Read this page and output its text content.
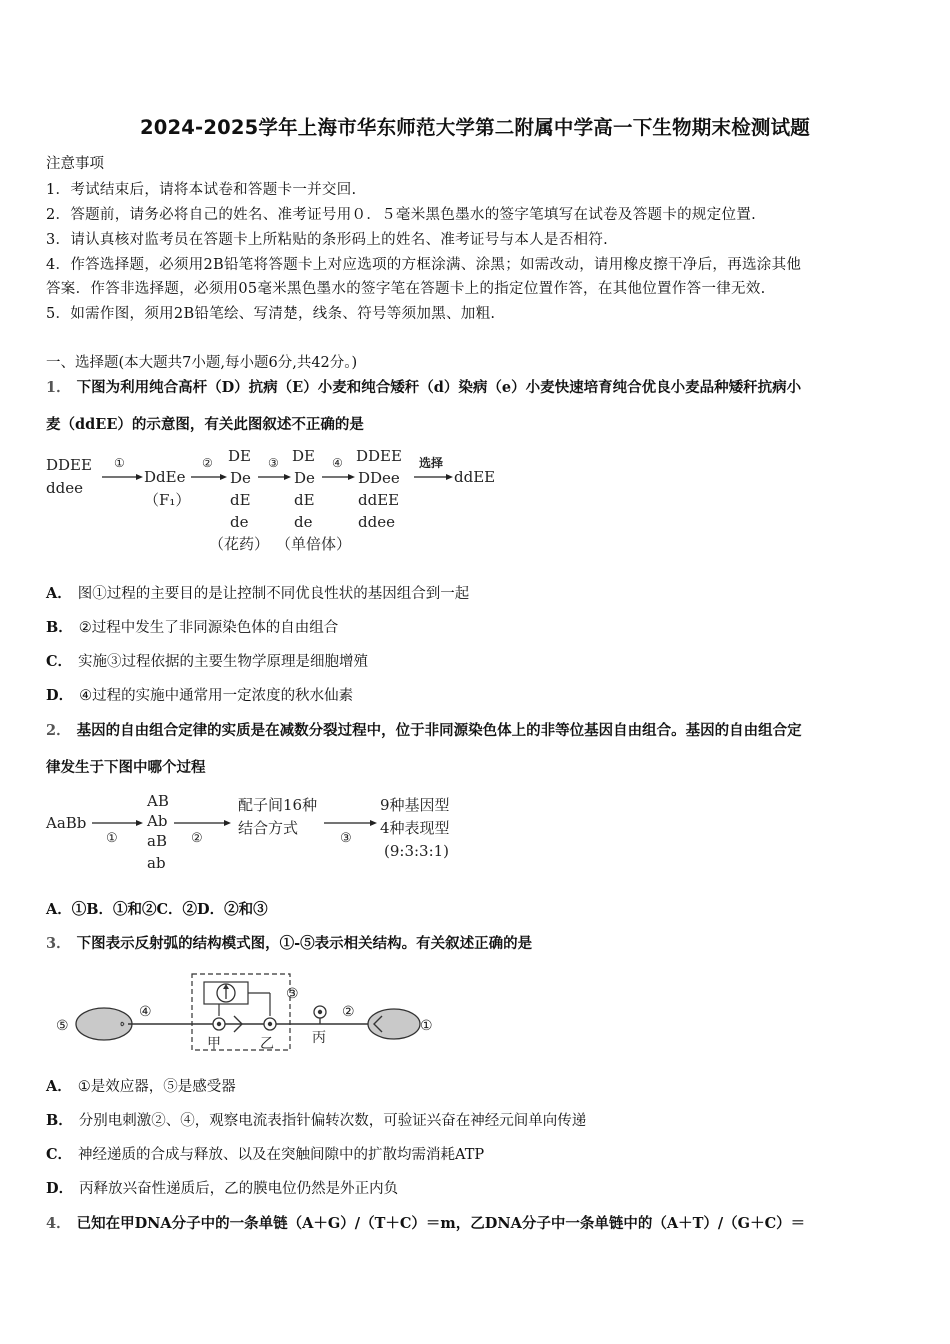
2024-2025学年上海市华东师范大学第二附属中学高一下生物期末检测试题
注意事项
1．考试结束后，请将本试卷和答题卡一并交回.
2．答题前，请务必将自己的姓名、准考证号用０．５毫米黑色墨水的签字笔填写在试卷及答题卡的规定位置.
3．请认真核对监考员在答题卡上所粘贴的条形码上的姓名、准考证号与本人是否相符.
4．作答选择题，必须用2B铅笔将答题卡上对应选项的方框涂满、涂黑；如需改动，请用橡皮擦干净后，再选涂其他
答案．作答非选择题，必须用05毫米黑色墨水的签字笔在答题卡上的指定位置作答，在其他位置作答一律无效.
5．如需作图，须用2B铅笔绘、写清楚，线条、符号等须加黑、加粗.
一、选择题(本大题共7小题,每小题6分,共42分。)
1． 下图为利用纯合高杆（D）抗病（E）小麦和纯合矮秆（d）染病（e）小麦快速培育纯合优良小麦品种矮秆抗病小
麦（ddEE）的示意图，有关此图叙述不正确的是
DDEE
ddee
①
DdEe
（F₁）
② DE
De
dE
de
③ DE
De
dE
de
④ DDEE
DDee
ddEE
ddee
选择
ddEE
（花药） （单倍体）
A． 图①过程的主要目的是让控制不同优良性状的基因组合到一起
B． ②过程中发生了非同源染色体的自由组合
C． 实施③过程依据的主要生物学原理是细胞增殖
D． ④过程的实施中通常用一定浓度的秋水仙素
2． 基因的自由组合定律的实质是在减数分裂过程中，位于非同源染色体上的非等位基因自由组合。基因的自由组合定
律发生于下图中哪个过程
AaBb
①
AB
Ab
aB
ab
②
配子间16种
结合方式
③
9种基因型
4种表现型
(9:3:3:1)
A．①B．①和②C．②D．②和③
3． 下图表示反射弧的结构模式图，①-⑤表示相关结构。有关叙述正确的是
⑤
④
③
甲	乙	丙
②
①
A． ①是效应器，⑤是感受器
B． 分别电刺激②、④，观察电流表指针偏转次数，可验证兴奋在神经元间单向传递
C． 神经递质的合成与释放、以及在突触间隙中的扩散均需消耗ATP
D． 丙释放兴奋性递质后，乙的膜电位仍然是外正内负
4． 已知在甲DNA分子中的一条单链（A＋G）/（T＋C）＝m，乙DNA分子中一条单链中的（A＋T）/（G＋C）＝
